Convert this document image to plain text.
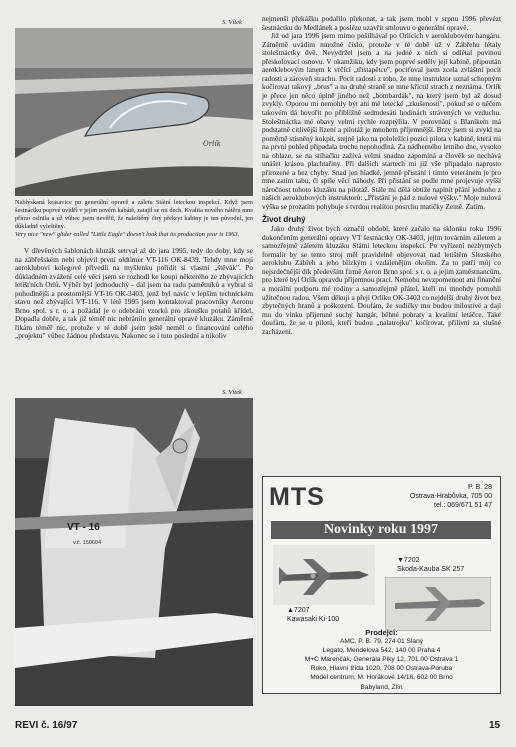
S. Vítek
Orlík
Nablýskaná krasavice po generální opravě a záletu Státní leteckou inspekcí. Když jsem šestnáctku poprvé uviděl v jejím novém kabátě, zatajil se mi dech. Kvalita nového nátěru mne přímo oslnila a už vůbec jsem nevěřil, že naleštěný čirý překryt kabiny je ten původní, jen důkladně vyleštěný.
Very nice "new" glider called "Little Eagle" doesn't look that its production year is 1963.

V dřevěných šablonách kluzák setrval až do jara 1995, tedy do doby, kdy se na zábřešském nebi objevil první oldtimer VT-116 OK-8439. Tehdy mne mojí aerokluboví kolegové přivedli na myšlenku pořídit si vlastní „štěvák". Po důkladném zvážení celé věci jsem se rozhodl ke koupi některého ze zbývajících letišťních Orlů. Výběr byl jednoduchý - dal jsem na radu pamětníků a vybral si pohodlnější a prostornější VT-16 OK-3403, jenž byl navíc v lepším technickém stavu než zbývající VT-116. V létě 1995 jsem kontaktoval pracovníky Aeronu Brno spol. s r. o. a požádal je o odebrání vzorků pro zkoušku potahů křídel. Dopadla dobře, a tak již téměř nic nebránilo generální opravě kluzáku. Záměrně říkám téměř nic, protože v té době jsem ještě neměl o financování celého „projektu" vůbec žádnou představu. Nakonec se i tuto poslední a nikoliv

S. Vítek
VT - 16
v.č. 150604

nejmenší překážku podařilo překonat, a tak jsem mohl v srpnu 1996 převézt šestnáctku do Medlánek a posléze uzavřít smlouvu o generální opravě.

Již od jara 1996 jsem mimo pošilhával po Orlících v aeroklubovém hangáru. Záměrně uvádím množné číslo, protože v té době už v Zábřehu létaly stoleštnáctky dvě. Nevydržel jsem a na jedné z nich si odlétal povinou přeskolovací osnovu. V okamžiku, kdy jsem poprvé sedělv její kabině, připoután aeroklebovým lanem k vrčící „třístapětce", pociťoval jsem zcela zvláštní pocit radosti a zároveň strachu. Pocit radosti z toho, že mne instruktor uznal schopným kočírovat takový „brus" a na druhé straně se mne kříctil strach z neznáma. Orlík je přece jen něco úplně jiného než „bombardák", na který jsem byl až dosud zvyklý. Oporou mi nemohly být ani mé letecké „zkušenosti", pokud se o něčem takovém dá hovořit po přibližně sedmdesáti hodinách strávených ve vzduchu. Stoleštnáctka mé obavy velmi rychle rozptýlila. V porovnání s Blaníkem má podstatně citlivější řízení a pilotáž je mnohem příjemnější. Brzy jsem si zvykl na poměrně stísněný kokpit, stejně jako na pololežící pozici pilota v kabině, která mi na první pohled připadala trochu nepohodlná. Za nádherného letního dne, vysoko na oblaze, se na stíhačku zažívá velmi snadno zapomíná a člověk se nechává unášet krásou plachtařiny. Při dalších startech mi již vše připadalo naprosto přirozené a bez chyby. Snad jen hladké, jemně přistání i tímto veteránem je pro mne zatím tabu, či spíše věcí náhody. Při přistání se podle mne projevuje vyšší náročnost tohoto kluzáku na pilotáž. Stále mi dělá obtíže naplnit přání jednoho z našich aeroklubových instruktorů: „Přistání je pád z nulové výšky." Moje nulová výška se prozatím pohybuje s tvrdou realitou posrchu matičky Země. Zatím.

Život druhý

Jako druhý život bych označil období, které začalo na sklonku roku 1996 dokončením generální opravy VT šestnáctky OK-3403, jejím továrním záletem a samozřejmě záletem kluzáku Státní leteckou inspekcí. Po vyřízení nezbytných formalit by se tento stroj měl pravidelně objevovat nad letištěm Slezského aeroklubu Zábřeh a jeho blízkým i vzdálenějím okolím. Za to patří můj co nejsrdečnější dík především firmě Aeron Brno spol. s r. o. a jejím zaměstnancům, pro které byl Orlík opravdu příjemnou prací. Nemohu nevzpomenout ani finanční a morální podporu mé rodiny a samozřejmě přátel, kteří mi mnohdy pomohli užitečnou radou. Všem děkuji a přeji Orlíku OK-3403 co nejdelší druhý život bez zbytečných hranů a poškození. Doufám, že sudičky mu budou milostivé a dají mu do vínku příjemné suchý hangár, běhné pohraty a kvalitní letáčce. Také doufám, že se u pilotů, kteří budou „nalatrojku" kočírovat, přilívní za slušné zacházení.

MTS	P. B. 28
Ostrava-Hrabůvka, 705 00
tel.: 069/671 51 47
Novinky roku 1997
▼7202
Skoda-Kauba SK 257
▲7207
Kawasaki Ki-100
Prodejci:
AMC, P. B. 79, 274 01 Slaný
Legato, Mendelova 542, 140 00 Praha 4
M+C Marenčák, Generála Piky 12, 701 00 Ostrava 1
Roko, Hlavní třída 1020, 708 00 Ostrava-Poruba
Model centrum, M. Horákové 14/16, 602 00 Brno
Babyland, Zlín
REVI č. 16/97	15
